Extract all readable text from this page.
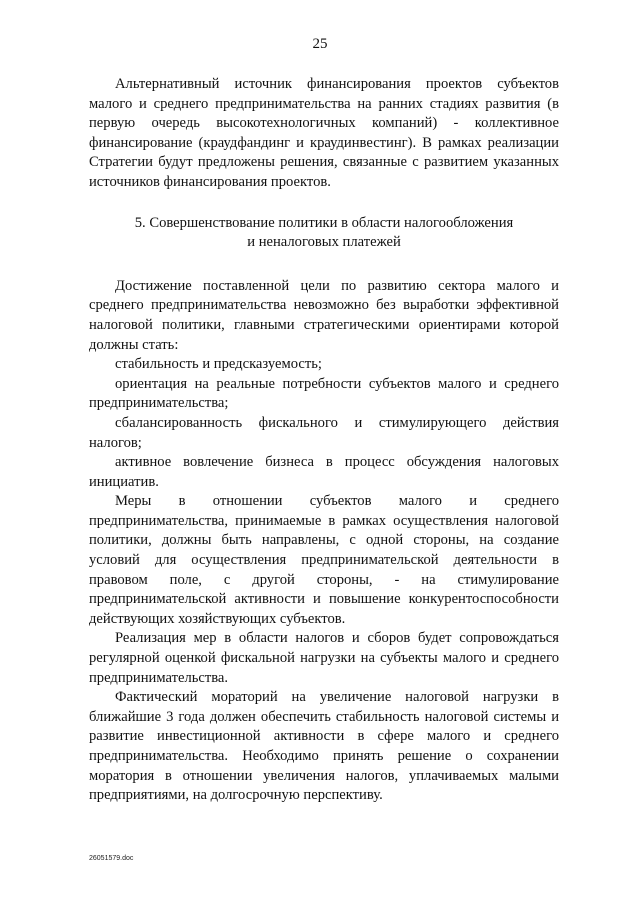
25

Альтернативный источник финансирования проектов субъектов малого и среднего предпринимательства на ранних стадиях развития (в первую очередь высокотехнологичных компаний) - коллективное финансирование (краудфандинг и краудинвестинг). В рамках реализации Стратегии будут предложены решения, связанные с развитием указанных источников финансирования проектов.

5. Совершенствование политики в области налогообложения
и неналоговых платежей

Достижение поставленной цели по развитию сектора малого и среднего предпринимательства невозможно без выработки эффективной налоговой политики, главными стратегическими ориентирами которой должны стать:

стабильность и предсказуемость;

ориентация на реальные потребности субъектов малого и среднего предпринимательства;

сбалансированность фискального и стимулирующего действия налогов;

активное вовлечение бизнеса в процесс обсуждения налоговых инициатив.

Меры в отношении субъектов малого и среднего предпринимательства, принимаемые в рамках осуществления налоговой политики, должны быть направлены, с одной стороны, на создание условий для осуществления предпринимательской деятельности в правовом поле, с другой стороны, - на стимулирование предпринимательской активности и повышение конкурентоспособности действующих хозяйствующих субъектов.

Реализация мер в области налогов и сборов будет сопровождаться регулярной оценкой фискальной нагрузки на субъекты малого и среднего предпринимательства.

Фактический мораторий на увеличение налоговой нагрузки в ближайшие 3 года должен обеспечить стабильность налоговой системы и развитие инвестиционной активности в сфере малого и среднего предпринимательства. Необходимо принять решение о сохранении моратория в отношении увеличения налогов, уплачиваемых малыми предприятиями, на долгосрочную перспективу.

26051579.doc
